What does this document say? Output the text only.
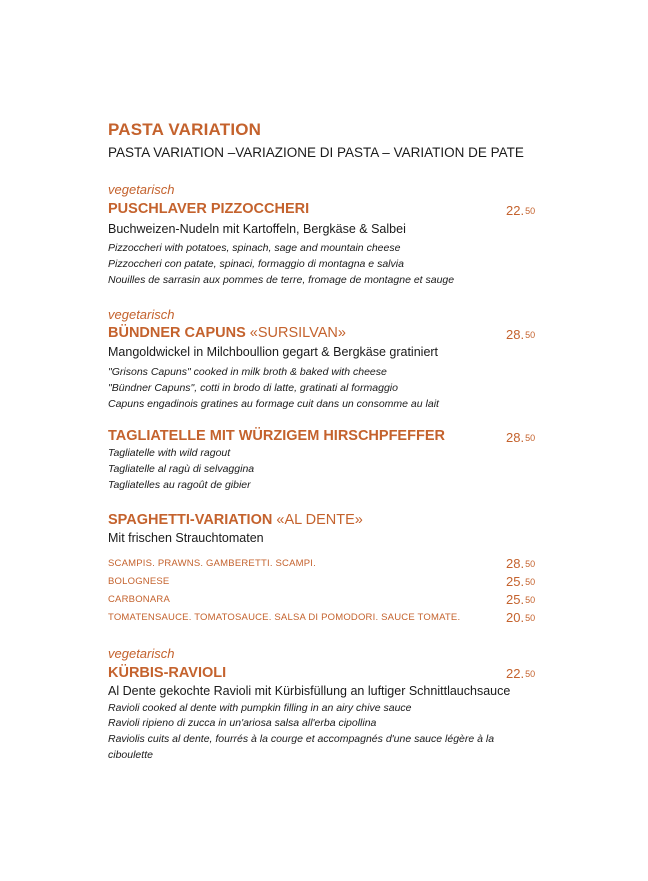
PASTA VARIATION
PASTA VARIATION –VARIAZIONE DI PASTA – VARIATION DE PATE
vegetarisch
PUSCHLAVER PIZZOCCHERI	$22._{50}$
Buchweizen-Nudeln mit Kartoffeln, Bergkäse & Salbei
Pizzoccheri with potatoes, spinach, sage and mountain cheese
Pizzoccheri con patate, spinaci, formaggio di montagna e salvia
Nouilles de sarrasin aux pommes de terre, fromage de montagne et sauge
vegetarisch
BÜNDNER CAPUNS «SURSILVAN»	$28._{50}$
Mangoldwickel in Milchboullion gegart & Bergkäse gratiniert
"Grisons Capuns" cooked in milk broth & baked with cheese
"Bündner Capuns", cotti in brodo di latte, gratinati al formaggio
Capuns engadinois gratines au formage cuit dans un consomme au lait
TAGLIATELLE MIT WÜRZIGEM HIRSCHPFEFFER	$28._{50}$
Tagliatelle with wild ragout
Tagliatelle al ragù di selvaggina
Tagliatelles au ragoût de gibier
SPAGHETTI-VARIATION «AL DENTE»
Mit frischen Strauchtomaten
SCAMPIS. PRAWNS. GAMBERETTI. SCAMPI.	$28._{50}$
BOLOGNESE	$25._{50}$
CARBONARA	$25._{50}$
TOMATENSAUCE. TOMATOSAUCE. SALSA DI POMODORI. SAUCE TOMATE.	$20._{50}$
vegetarisch
KÜRBIS-RAVIOLI	$22._{50}$
Al Dente gekochte Ravioli mit Kürbisfüllung an luftiger Schnittlauchsauce
Ravioli cooked al dente with pumpkin filling in an airy chive sauce
Ravioli ripieno di zucca in un'ariosa salsa all'erba cipollina
Raviolis cuits al dente, fourrés à la courge et accompagnés d'une sauce légère à la ciboulette
